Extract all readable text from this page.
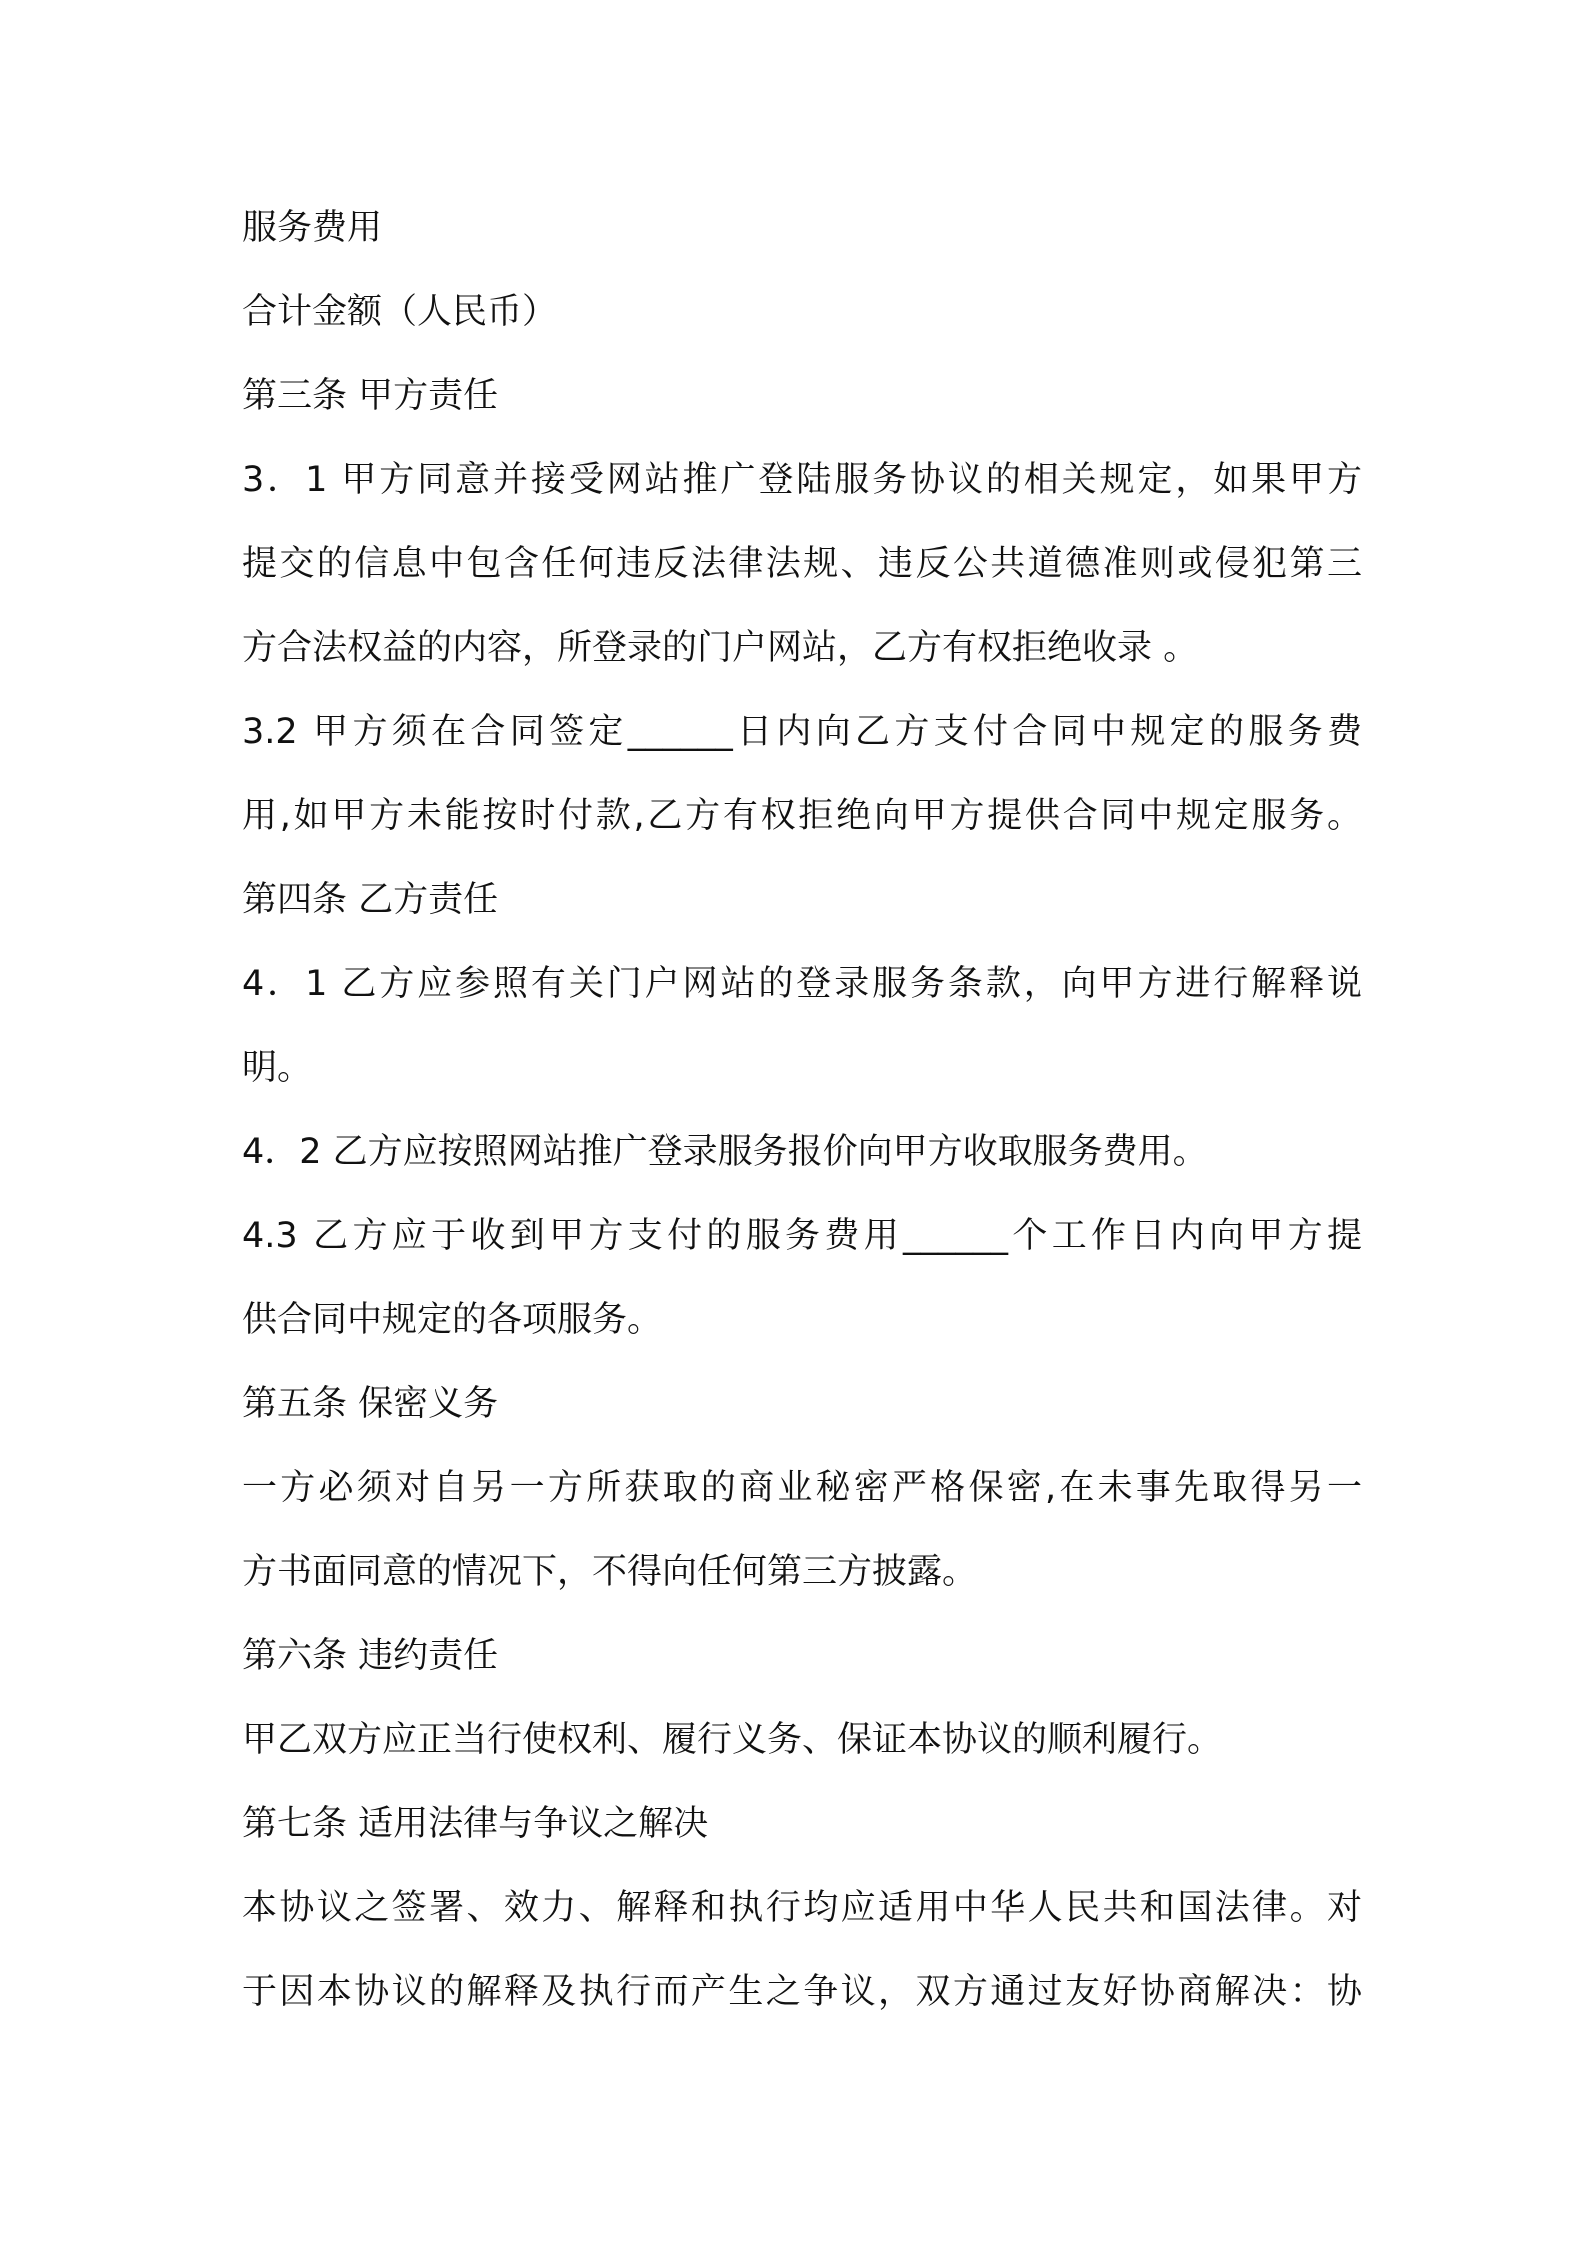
服务费用
合计金额（人民币）
第三条 甲方责任
3．1 甲方同意并接受网站推广登陆服务协议的相关规定，如果甲方
提交的信息中包含任何违反法律法规、违反公共道德准则或侵犯第三
方合法权益的内容，所登录的门户网站，乙方有权拒绝收录 。
3.2 甲方须在合同签定______日内向乙方支付合同中规定的服务费
用,如甲方未能按时付款,乙方有权拒绝向甲方提供合同中规定服务。
第四条 乙方责任
4．1 乙方应参照有关门户网站的登录服务条款，向甲方进行解释说
明。
4．2 乙方应按照网站推广登录服务报价向甲方收取服务费用。
4.3 乙方应于收到甲方支付的服务费用______个工作日内向甲方提
供合同中规定的各项服务。
第五条 保密义务
一方必须对自另一方所获取的商业秘密严格保密,在未事先取得另一
方书面同意的情况下，不得向任何第三方披露。
第六条 违约责任
甲乙双方应正当行使权利、履行义务、保证本协议的顺利履行。
第七条 适用法律与争议之解决
本协议之签署、效力、解释和执行均应适用中华人民共和国法律。对
于因本协议的解释及执行而产生之争议，双方通过友好协商解决：协
